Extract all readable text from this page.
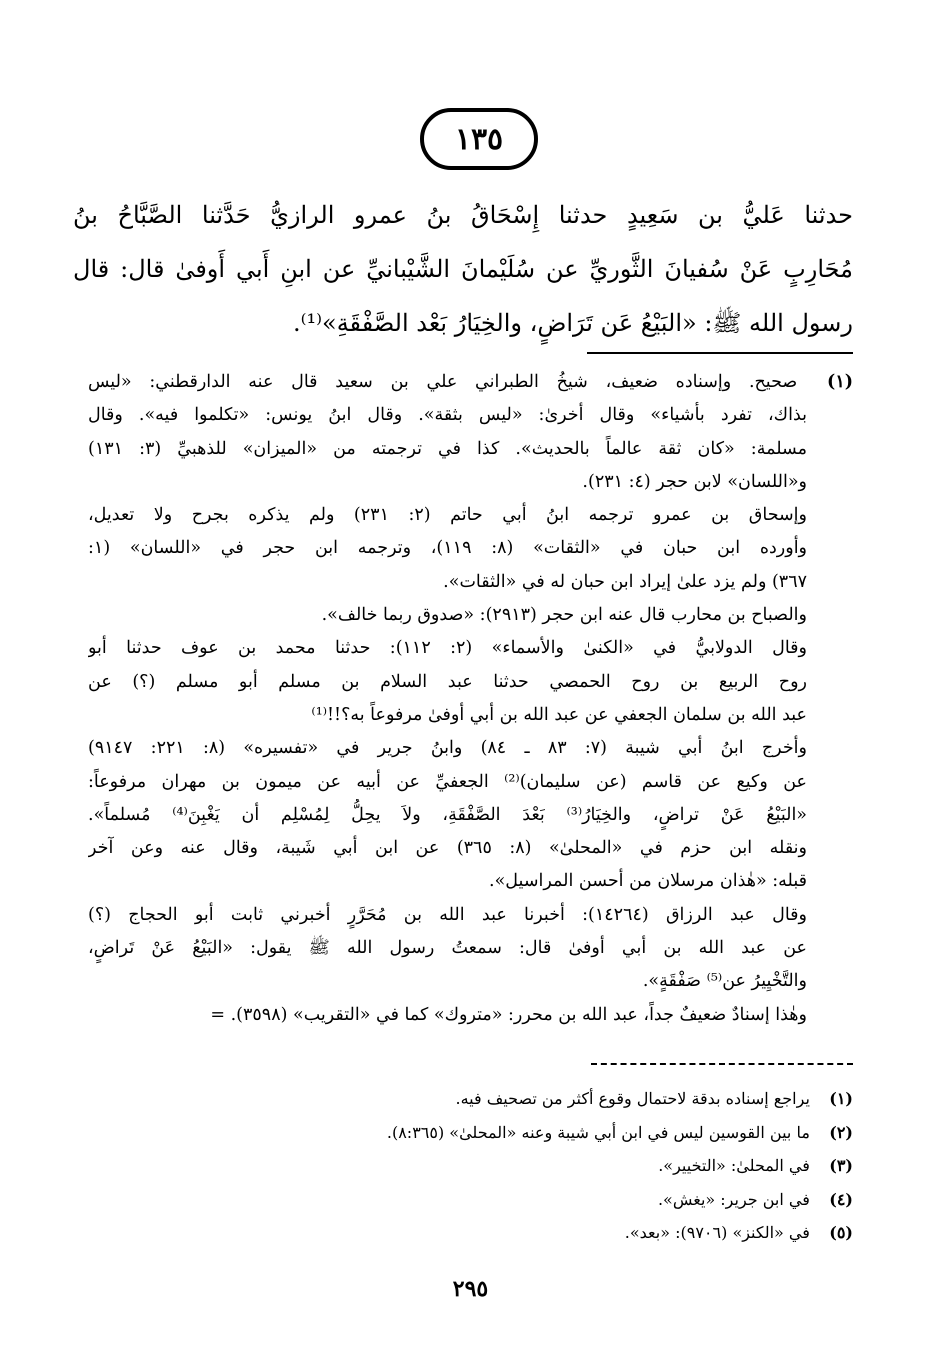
١٣٥
حدثنا عَليُّ بن سَعِيدٍ حدثنا إِسْحَاقُ بنُ عمرو الرازيُّ حَدَّثنا الصَّبَّاحُ بنُ
مُحَارِبٍ عَنْ سُفيانَ الثَّوريِّ عن سُلَيْمانَ الشَّيْبانيِّ عن ابنِ أَبي أَوفىٰ قال: قال
رسول الله ﷺ: «البَيْعُ عَن تَرَاضٍ، والخِيَارُ بَعْد الصَّفْقَةِ»⁽¹⁾.
(١) صحيح. وإسناده ضعيف، شيخُ الطبراني علي بن سعيد قال عنه الدارقطني: «ليس
بذاك، تفرد بأشياء» وقال أخرىٰ: «ليس بثقة». وقال ابنُ يونس: «تكلموا فيه». وقال
مسلمة: «كان ثقة عالماً بالحديث». كذا في ترجمته من «الميزان» للذهبيِّ (٣: ١٣١)
و«اللسان» لابن حجر (٤: ٢٣١).
وإسحاق بن عمرو ترجمه ابنُ أبي حاتم (٢: ٢٣١) ولم يذكره بجرح ولا تعديل،
وأورده ابن حبان في «الثقات» (٨: ١١٩)، وترجمه ابن حجر في «اللسان» (١:
٣٦٧) ولم يزد علىٰ إيراد ابن حبان له في «الثقات».
والصباح بن محارب قال عنه ابن حجر (٢٩١٣): «صدوق ربما خالف».
وقال الدولابيُّ في «الكنىٰ والأسماء» (٢: ١١٢): حدثنا محمد بن عوف حدثنا أبو
روح الربيع بن روح الحمصي حدثنا عبد السلام بن مسلم أبو مسلم (؟) عن
عبد الله بن سلمان الجعفي عن عبد الله بن أبي أوفىٰ مرفوعاً به؟!!⁽¹⁾
وأخرج ابنُ أبي شيبة (٧: ٨٣ ـ ٨٤) وابنُ جرير في «تفسيره» (٨: ٢٢١: ٩١٤٧)
عن وكيع عن قاسم (عن سليمان)⁽²⁾ الجعفيِّ عن أبيه عن ميمون بن مهران مرفوعاً:
«البَيْعُ عَنْ تراضٍ، والخِيَارُ⁽³⁾ بَعْدَ الصَّفْقَةِ، ولاَ يحِلُّ لِمُسْلِم أن يَغْبِنَ⁽⁴⁾ مُسلماً».
ونقله ابن حزم في «المحلىٰ» (٨: ٣٦٥) عن ابن أبي شَيبة، وقال عنه وعن آخر
قبله: «هٰذان مرسلان من أحسن المراسيل».
وقال عبد الرزاق (١٤٢٦٤): أخبرنا عبد الله بن مُحَرَّرٍ أخبرني ثابت أبو الحجاج (؟)
عن عبد الله بن أبي أوفىٰ قال: سمعتُ رسول الله ﷺ يقول: «البَيْعُ عَنْ تَراضٍ،
والتَّخْيِيرُ عن⁽⁵⁾ صَفْقَةٍ».
وهٰذا إسنادٌ ضعيفٌ جداً، عبد الله بن محرر: «متروك» كما في «التقريب» (٣٥٩٨). =
(١) يراجع إسناده بدقة لاحتمال وقوع أكثر من تصحيف فيه.
(٢) ما بين القوسين ليس في ابن أبي شيبة وعنه «المحلىٰ» (٨:٣٦٥).
(٣) في المحلىٰ: «التخيير».
(٤) في ابن جرير: «يغش».
(٥) في «الكنز» (٩٧٠٦): «بعد».
٢٩٥
